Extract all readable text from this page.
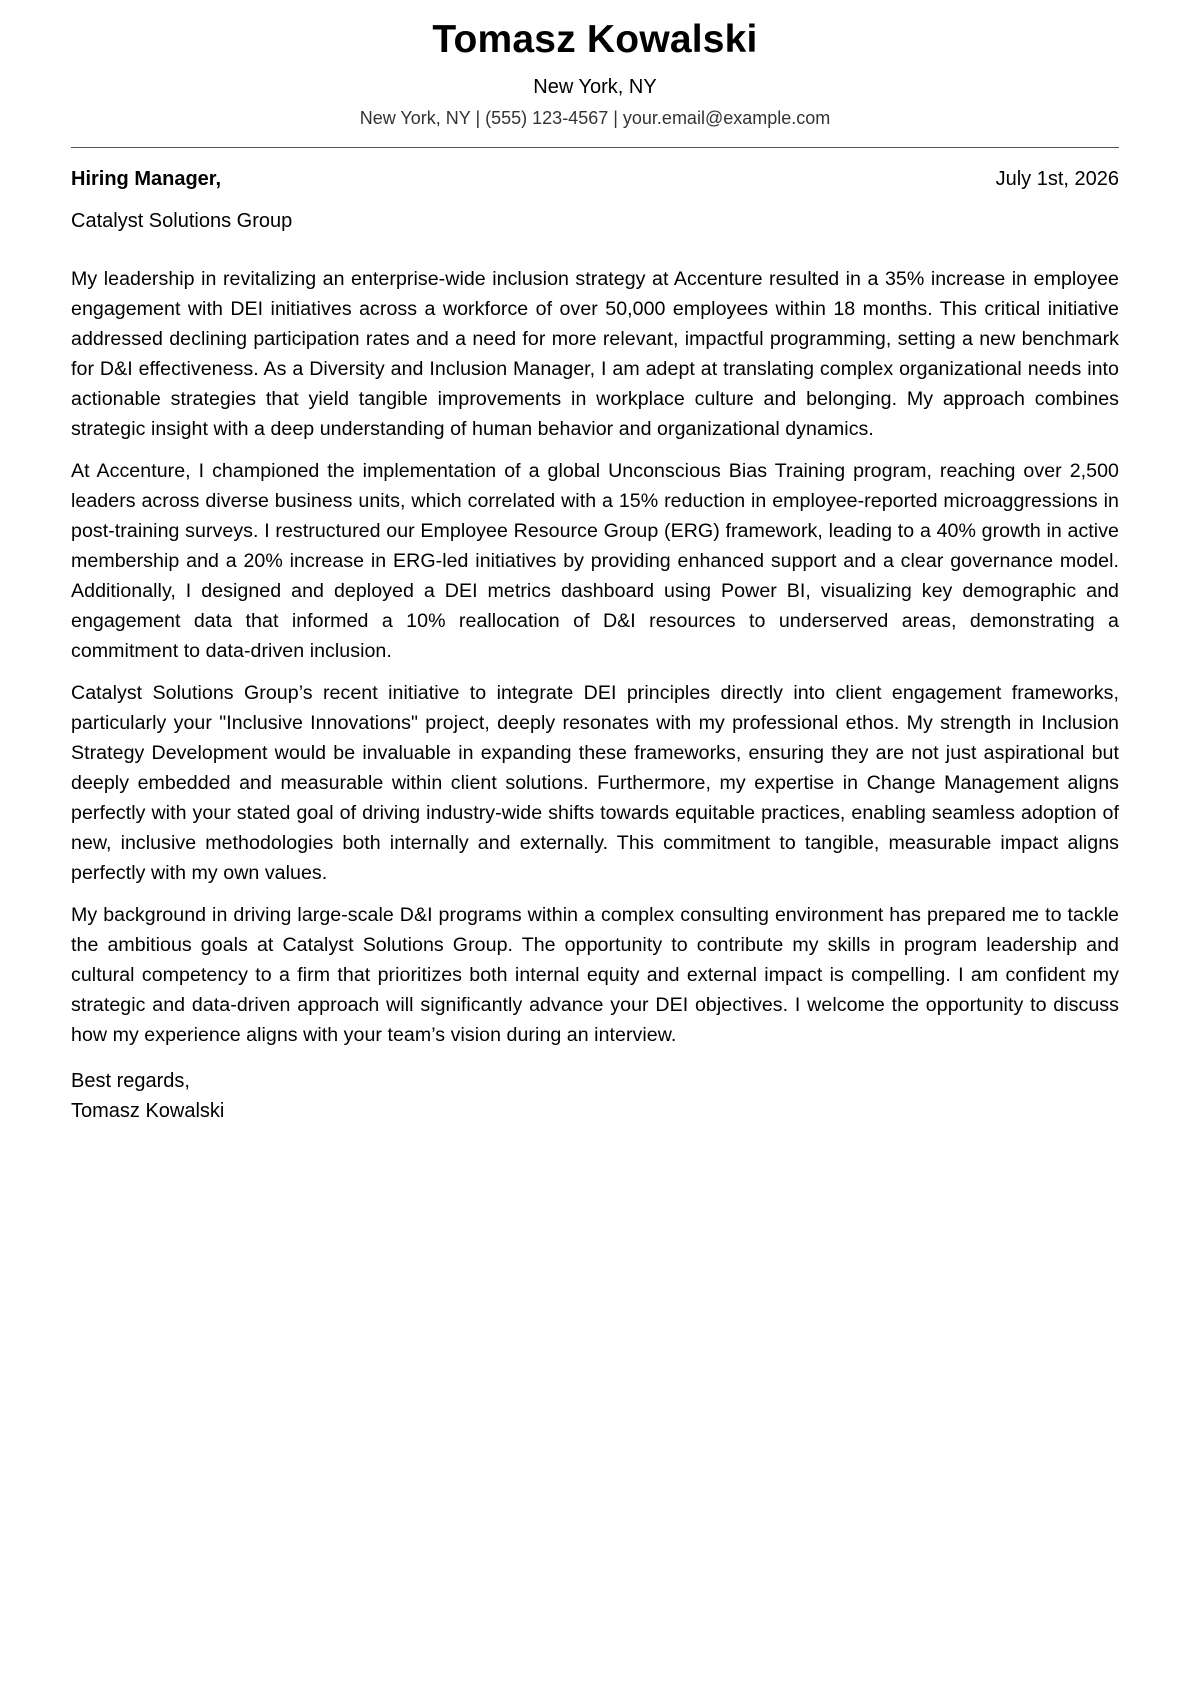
Tomasz Kowalski
New York, NY
New York, NY | (555) 123-4567 | your.email@example.com
Hiring Manager,	July 1st, 2026
Catalyst Solutions Group

My leadership in revitalizing an enterprise-wide inclusion strategy at Accenture resulted in a 35% increase in employee engagement with DEI initiatives across a workforce of over 50,000 employees within 18 months. This critical initiative addressed declining participation rates and a need for more relevant, impactful programming, setting a new benchmark for D&I effectiveness. As a Diversity and Inclusion Manager, I am adept at translating complex organizational needs into actionable strategies that yield tangible improvements in workplace culture and belonging. My approach combines strategic insight with a deep understanding of human behavior and organizational dynamics.

At Accenture, I championed the implementation of a global Unconscious Bias Training program, reaching over 2,500 leaders across diverse business units, which correlated with a 15% reduction in employee-reported microaggressions in post-training surveys. I restructured our Employee Resource Group (ERG) framework, leading to a 40% growth in active membership and a 20% increase in ERG-led initiatives by providing enhanced support and a clear governance model. Additionally, I designed and deployed a DEI metrics dashboard using Power BI, visualizing key demographic and engagement data that informed a 10% reallocation of D&I resources to underserved areas, demonstrating a commitment to data-driven inclusion.

Catalyst Solutions Group’s recent initiative to integrate DEI principles directly into client engagement frameworks, particularly your "Inclusive Innovations" project, deeply resonates with my professional ethos. My strength in Inclusion Strategy Development would be invaluable in expanding these frameworks, ensuring they are not just aspirational but deeply embedded and measurable within client solutions. Furthermore, my expertise in Change Management aligns perfectly with your stated goal of driving industry-wide shifts towards equitable practices, enabling seamless adoption of new, inclusive methodologies both internally and externally. This commitment to tangible, measurable impact aligns perfectly with my own values.

My background in driving large-scale D&I programs within a complex consulting environment has prepared me to tackle the ambitious goals at Catalyst Solutions Group. The opportunity to contribute my skills in program leadership and cultural competency to a firm that prioritizes both internal equity and external impact is compelling. I am confident my strategic and data-driven approach will significantly advance your DEI objectives. I welcome the opportunity to discuss how my experience aligns with your team’s vision during an interview.

Best regards,
Tomasz Kowalski
